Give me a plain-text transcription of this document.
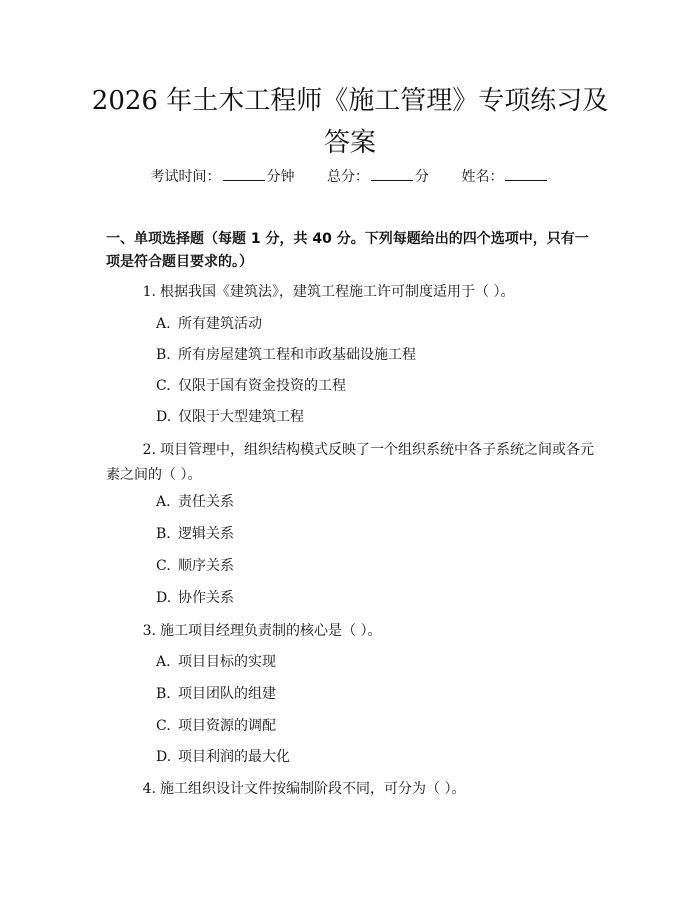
2026 年土木工程师《施工管理》专项练习及
答案
考试时间：	分钟 总分：	分 姓名：
一、单项选择题（每题 1 分，共 40 分。下列每题给出的四个选项中，只有一项是符合题目要求的。）
1. 根据我国《建筑法》，建筑工程施工许可制度适用于（ ）。
A. 所有建筑活动
B. 所有房屋建筑工程和市政基础设施工程
C. 仅限于国有资金投资的工程
D. 仅限于大型建筑工程
2. 项目管理中，组织结构模式反映了一个组织系统中各子系统之间或各元素之间的（ ）。
A. 责任关系
B. 逻辑关系
C. 顺序关系
D. 协作关系
3. 施工项目经理负责制的核心是（ ）。
A. 项目目标的实现
B. 项目团队的组建
C. 项目资源的调配
D. 项目利润的最大化
4. 施工组织设计文件按编制阶段不同，可分为（ ）。
